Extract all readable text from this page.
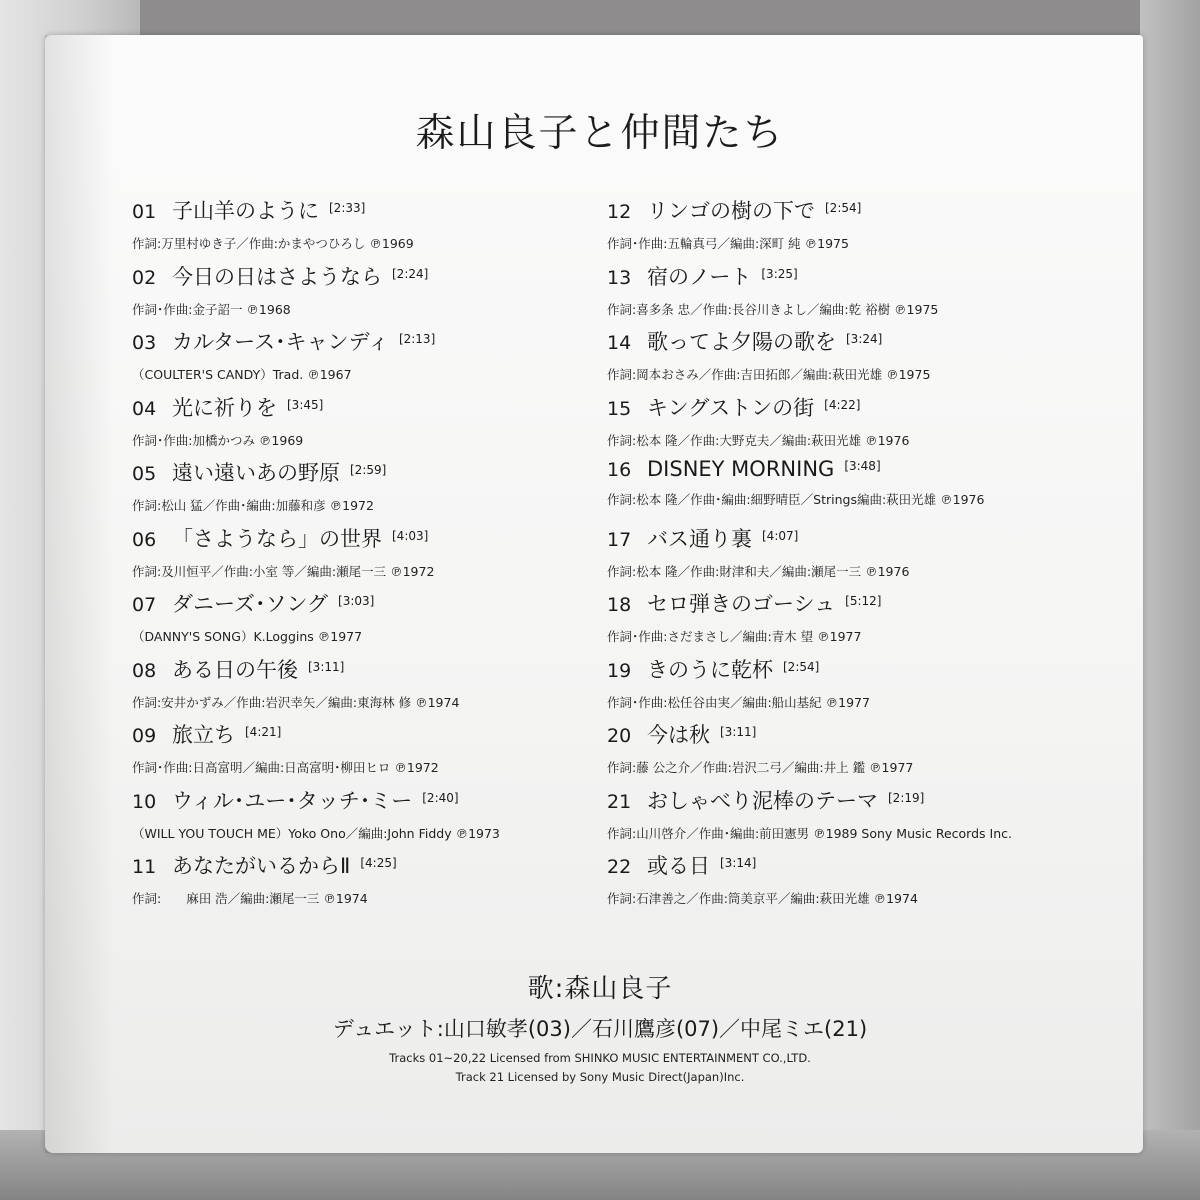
森山良子と仲間たち
01 子山羊のように [2:33]
作詞:万里村ゆき子／作曲:かまやつひろし ℗1969
02 今日の日はさようなら [2:24]
作詞･作曲:金子詔一 ℗1968
03 カルタース･キャンディ [2:13]
（COULTER'S CANDY）Trad. ℗1967
04 光に祈りを [3:45]
作詞･作曲:加橋かつみ ℗1969
05 遠い遠いあの野原 [2:59]
作詞:松山 猛／作曲･編曲:加藤和彦 ℗1972
06 「さようなら」の世界 [4:03]
作詞:及川恒平／作曲:小室 等／編曲:瀬尾一三 ℗1972
07 ダニーズ･ソング [3:03]
（DANNY'S SONG）K.Loggins ℗1977
08 ある日の午後 [3:11]
作詞:安井かずみ／作曲:岩沢幸矢／編曲:東海林 修 ℗1974
09 旅立ち [4:21]
作詞･作曲:日高富明／編曲:日高富明･柳田ヒロ ℗1972
10 ウィル･ユー･タッチ･ミー [2:40]
（WILL YOU TOUCH ME）Yoko Ono／編曲:John Fiddy ℗1973
11 あなたがいるからⅡ [4:25]
作詞:　　麻田 浩／編曲:瀬尾一三 ℗1974
12 リンゴの樹の下で [2:54]
作詞･作曲:五輪真弓／編曲:深町 純 ℗1975
13 宿のノート [3:25]
作詞:喜多条 忠／作曲:長谷川きよし／編曲:乾 裕樹 ℗1975
14 歌ってよ夕陽の歌を [3:24]
作詞:岡本おさみ／作曲:吉田拓郎／編曲:萩田光雄 ℗1975
15 キングストンの街 [4:22]
作詞:松本 隆／作曲:大野克夫／編曲:萩田光雄 ℗1976
16 DISNEY MORNING [3:48]
作詞:松本 隆／作曲･編曲:細野晴臣／Strings編曲:萩田光雄 ℗1976
17 バス通り裏 [4:07]
作詞:松本 隆／作曲:財津和夫／編曲:瀬尾一三 ℗1976
18 セロ弾きのゴーシュ [5:12]
作詞･作曲:さだまさし／編曲:青木 望 ℗1977
19 きのうに乾杯 [2:54]
作詞･作曲:松任谷由実／編曲:船山基紀 ℗1977
20 今は秋 [3:11]
作詞:藤 公之介／作曲:岩沢二弓／編曲:井上 鑑 ℗1977
21 おしゃべり泥棒のテーマ [2:19]
作詞:山川啓介／作曲･編曲:前田憲男 ℗1989 Sony Music Records Inc.
22 或る日 [3:14]
作詞:石津善之／作曲:筒美京平／編曲:萩田光雄 ℗1974
歌:森山良子
デュエット:山口敏孝(03)／石川鷹彦(07)／中尾ミエ(21)
Tracks 01~20,22 Licensed from SHINKO MUSIC ENTERTAINMENT CO.,LTD.
Track 21 Licensed by Sony Music Direct(Japan)Inc.
